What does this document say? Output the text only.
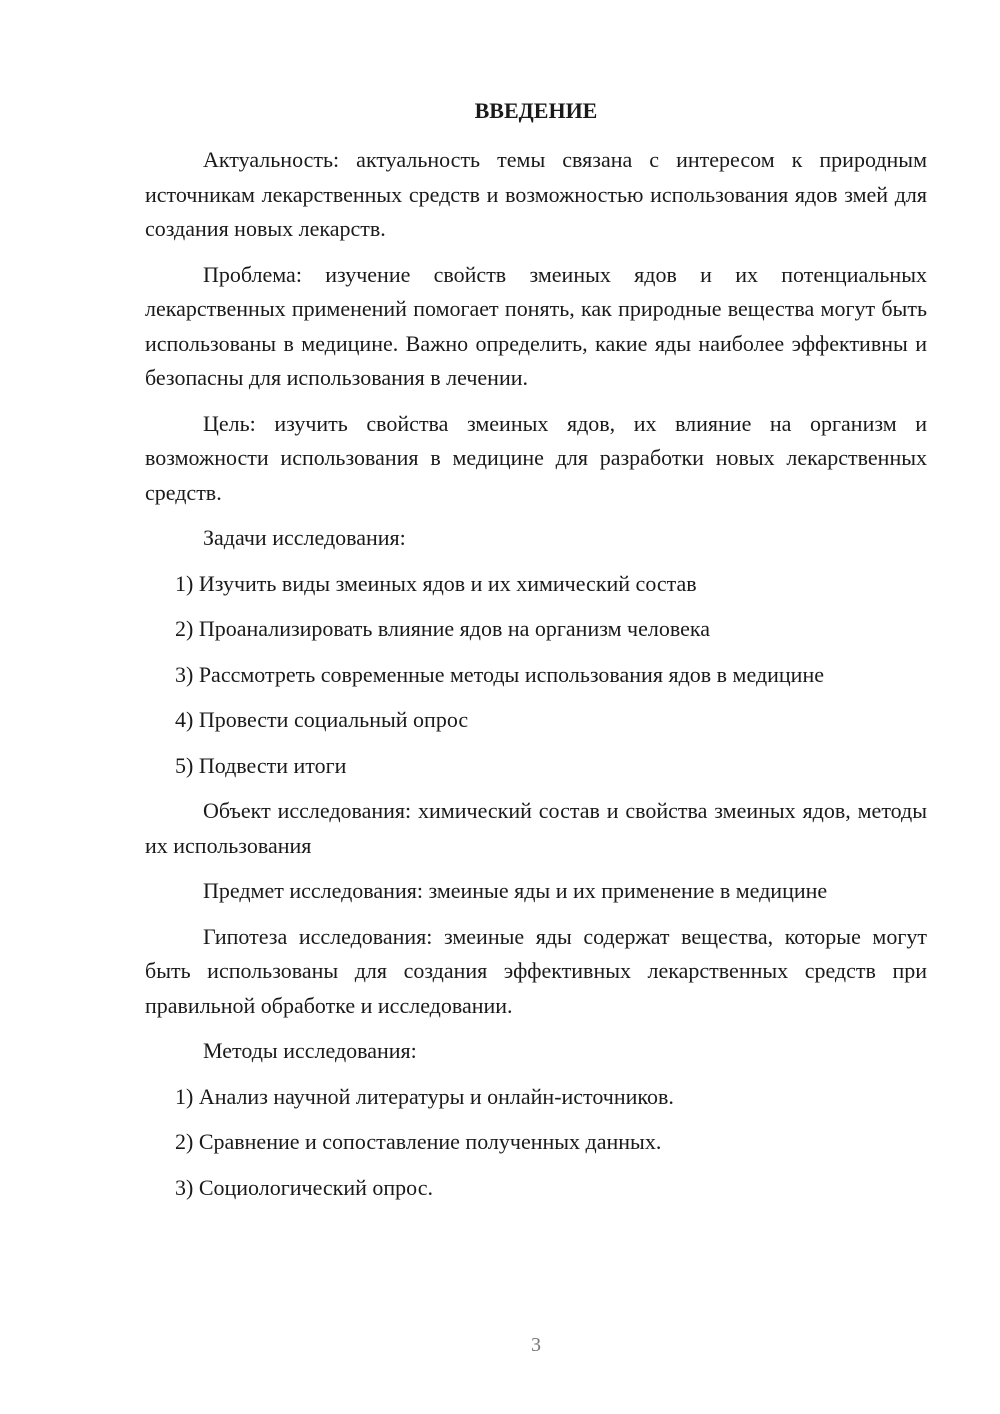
ВВЕДЕНИЕ

Актуальность: актуальность темы связана с интересом к природным источникам лекарственных средств и возможностью использования ядов змей для создания новых лекарств.

Проблема: изучение свойств змеиных ядов и их потенциальных лекарственных применений помогает понять, как природные вещества могут быть использованы в медицине. Важно определить, какие яды наиболее эффективны и безопасны для использования в лечении.

Цель: изучить свойства змеиных ядов, их влияние на организм и возможности использования в медицине для разработки новых лекарственных средств.

Задачи исследования:

1) Изучить виды змеиных ядов и их химический состав

2) Проанализировать влияние ядов на организм человека

3) Рассмотреть современные методы использования ядов в медицине

4) Провести социальный опрос

5) Подвести итоги

Объект исследования: химический состав и свойства змеиных ядов, методы их использования

Предмет исследования: змеиные яды и их применение в медицине

Гипотеза исследования: змеиные яды содержат вещества, которые могут быть использованы для создания эффективных лекарственных средств при правильной обработке и исследовании.

Методы исследования:

1) Анализ научной литературы и онлайн-источников.

2) Сравнение и сопоставление полученных данных.

3) Социологический опрос.

3
